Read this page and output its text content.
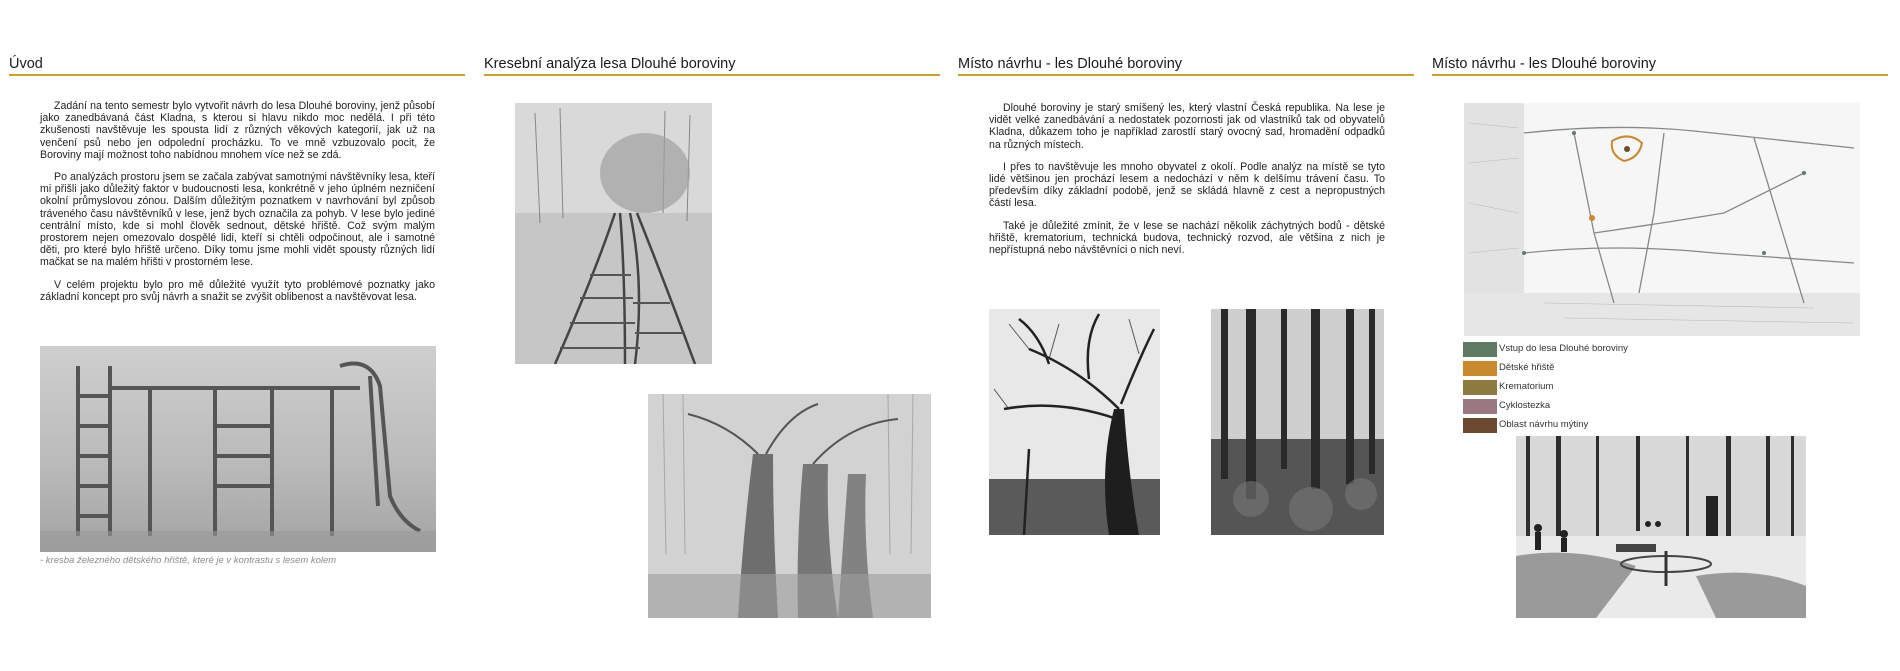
Úvod	Kresební analýza lesa Dlouhé boroviny	Místo návrhu - les Dlouhé boroviny	Místo návrhu - les Dlouhé boroviny

Zadání na tento semestr bylo vytvořit návrh do lesa Dlouhé boroviny, jenž působí jako zanedbávaná část Kladna, s kterou si hlavu nikdo moc nedělá. I při této zkušenosti navštěvuje les spousta lidí z různých věkových kategorií, jak už na venčení psů nebo jen odpolední procházku. To ve mně vzbuzovalo pocit, že Boroviny mají možnost toho nabídnou mnohem více než se zdá.

Po analýzách prostoru jsem se začala zabývat samotnými návštěvníky lesa, kteří mi přišli jako důležitý faktor v budoucnosti lesa, konkrétně v jeho úplném nezničení okolní průmyslovou zónou. Dalším důležitým poznatkem v navrhování byl způsob tráveného času návštěvníků v lese, jenž bych označila za pohyb. V lese bylo jediné centrální místo, kde si mohl člověk sednout, dětské hřiště. Což svým malým prostorem nejen omezovalo dospělé lidi, kteří si chtěli odpočinout, ale i samotné děti, pro které bylo hřiště určeno. Díky tomu jsme mohli vidět spousty různých lidí mačkat se na malém hřišti v prostorném lese.

V celém projektu bylo pro mě důležité využít tyto problémové poznatky jako základní koncept pro svůj návrh a snažit se zvýšit oblibenost a navštěvovat lesa.

- kresba železného dětského hřiště, které je v kontrastu s lesem kolem

Dlouhé boroviny je starý smíšený les, který vlastní Česká republika. Na lese je vidět velké zanedbávání a nedostatek pozornosti jak od vlastníků tak od obyvatelů Kladna, důkazem toho je například zarostlí starý ovocný sad, hromadění odpadků na různých místech.

I přes to navštěvuje les mnoho obyvatel z okolí. Podle analýz na místě se tyto lidé většinou jen prochází lesem a nedochází v něm k delšímu trávení času. To především díky základní podobě, jenž se skládá hlavně z cest a nepropustných částí lesa.

Také je důležité zmínit, že v lese se nachází několik záchytných bodů - dětské hřiště, krematorium, technická budova, technický rozvod, ale většina z nich je nepřístupná nebo návštěvníci o nich neví.

Vstup do lesa Dlouhé boroviny
Dětské hřiště
Krematorium
Cyklostezka
Oblast návrhu mýtiny
